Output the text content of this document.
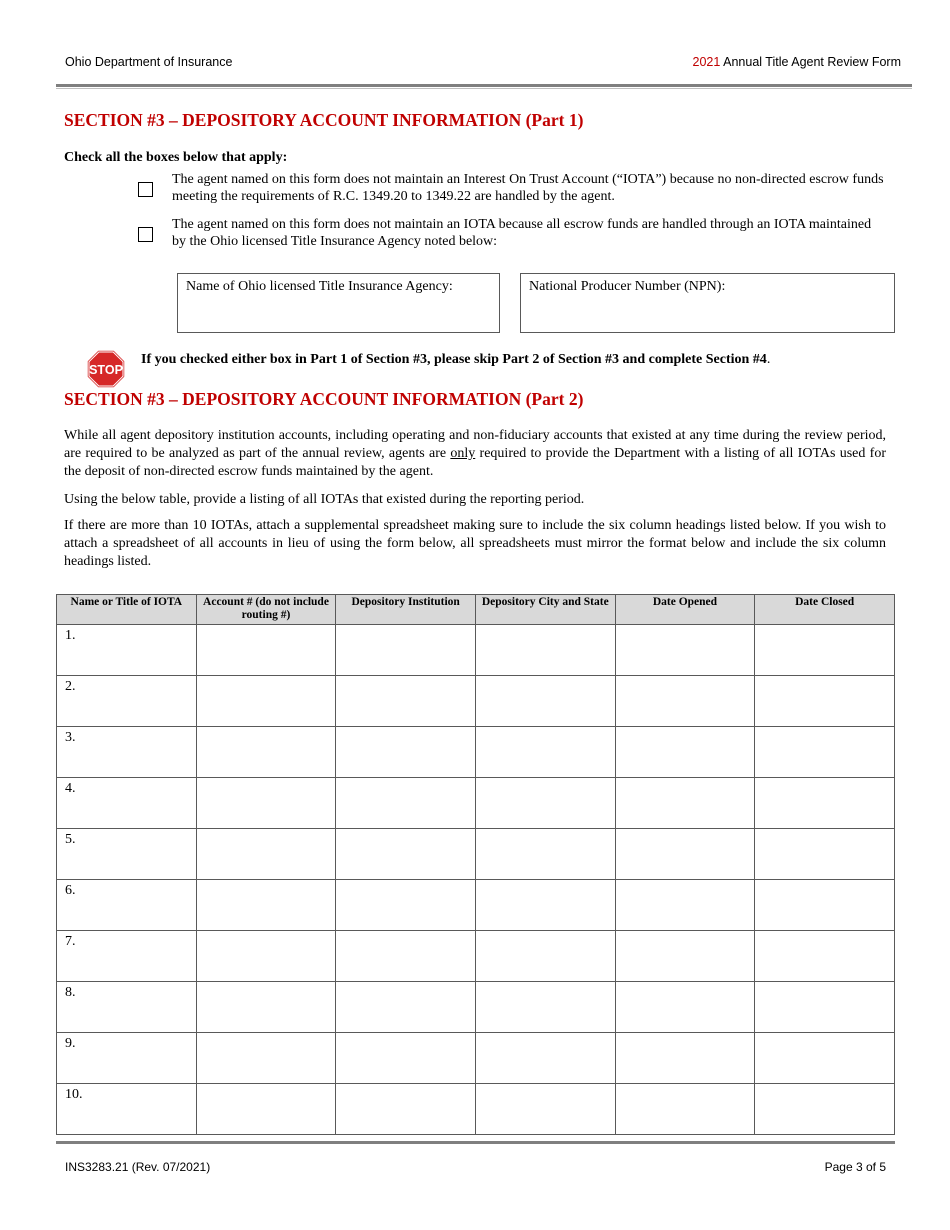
Ohio Department of Insurance	2021 Annual Title Agent Review Form
SECTION #3 – DEPOSITORY ACCOUNT INFORMATION (Part 1)
Check all the boxes below that apply:
The agent named on this form does not maintain an Interest On Trust Account (“IOTA”) because no non-directed escrow funds meeting the requirements of R.C. 1349.20 to 1349.22 are handled by the agent.
The agent named on this form does not maintain an IOTA because all escrow funds are handled through an IOTA maintained by the Ohio licensed Title Insurance Agency noted below:
Name of Ohio licensed Title Insurance Agency:	National Producer Number (NPN):
STOP
If you checked either box in Part 1 of Section #3, please skip Part 2 of Section #3 and complete Section #4.
SECTION #3 – DEPOSITORY ACCOUNT INFORMATION (Part 2)
While all agent depository institution accounts, including operating and non-fiduciary accounts that existed at any time during the review period, are required to be analyzed as part of the annual review, agents are only required to provide the Department with a listing of all IOTAs used for the deposit of non-directed escrow funds maintained by the agent.
Using the below table, provide a listing of all IOTAs that existed during the reporting period.
If there are more than 10 IOTAs, attach a supplemental spreadsheet making sure to include the six column headings listed below. If you wish to attach a spreadsheet of all accounts in lieu of using the form below, all spreadsheets must mirror the format below and include the six column headings listed.
Name or Title of IOTA	Account # (do not include routing #)	Depository Institution	Depository City and State	Date Opened	Date Closed
1.					
2.					
3.					
4.					
5.					
6.					
7.					
8.					
9.					
10.					
INS3283.21 (Rev. 07/2021)	Page 3 of 5
